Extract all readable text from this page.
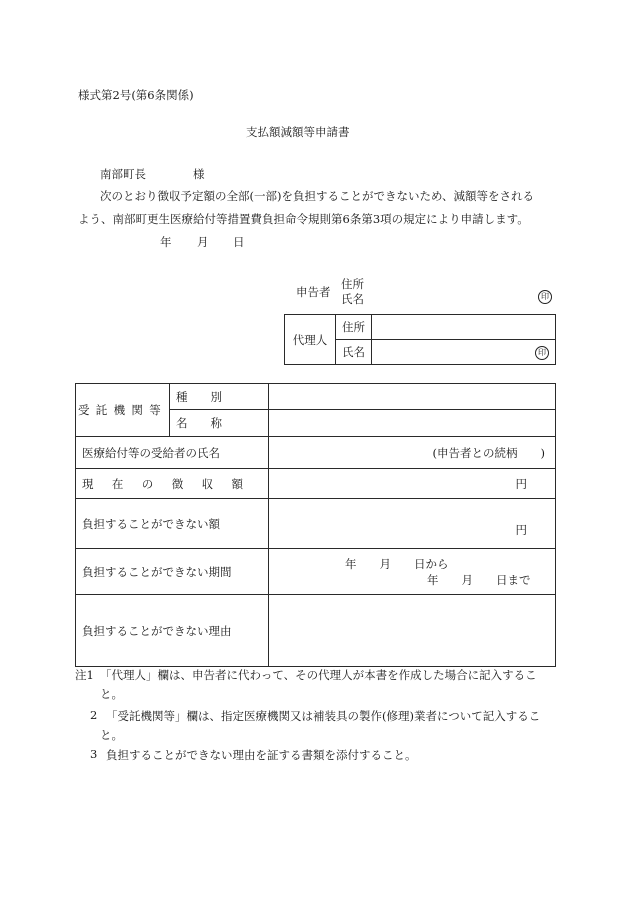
様式第2号(第6条関係)
支払額減額等申請書
南部町長	様
次のとおり徴収予定額の全部(一部)を負担することができないため、減額等をされる
よう、南部町更生医療給付等措置費負担命令規則第6条第3項の規定により申請します。
年 月 日
申告者
住所
氏名	印
代理人	住所	
	氏名	印
受託機関等	種　　別	
	名　　称	
医療給付等の受給者の氏名		(申告者との続柄　　)
現在の徴収額		円
負担することができない額		円
負担することができない期間		年　　月　　日から
年　　月　　日まで

負担することができない理由		
注1 「代理人」欄は、申告者に代わって、その代理人が本書を作成した場合に記入するこ
と。
2 「受託機関等」欄は、指定医療機関又は補装具の製作(修理)業者について記入するこ
と。
3 負担することができない理由を証する書類を添付すること。
